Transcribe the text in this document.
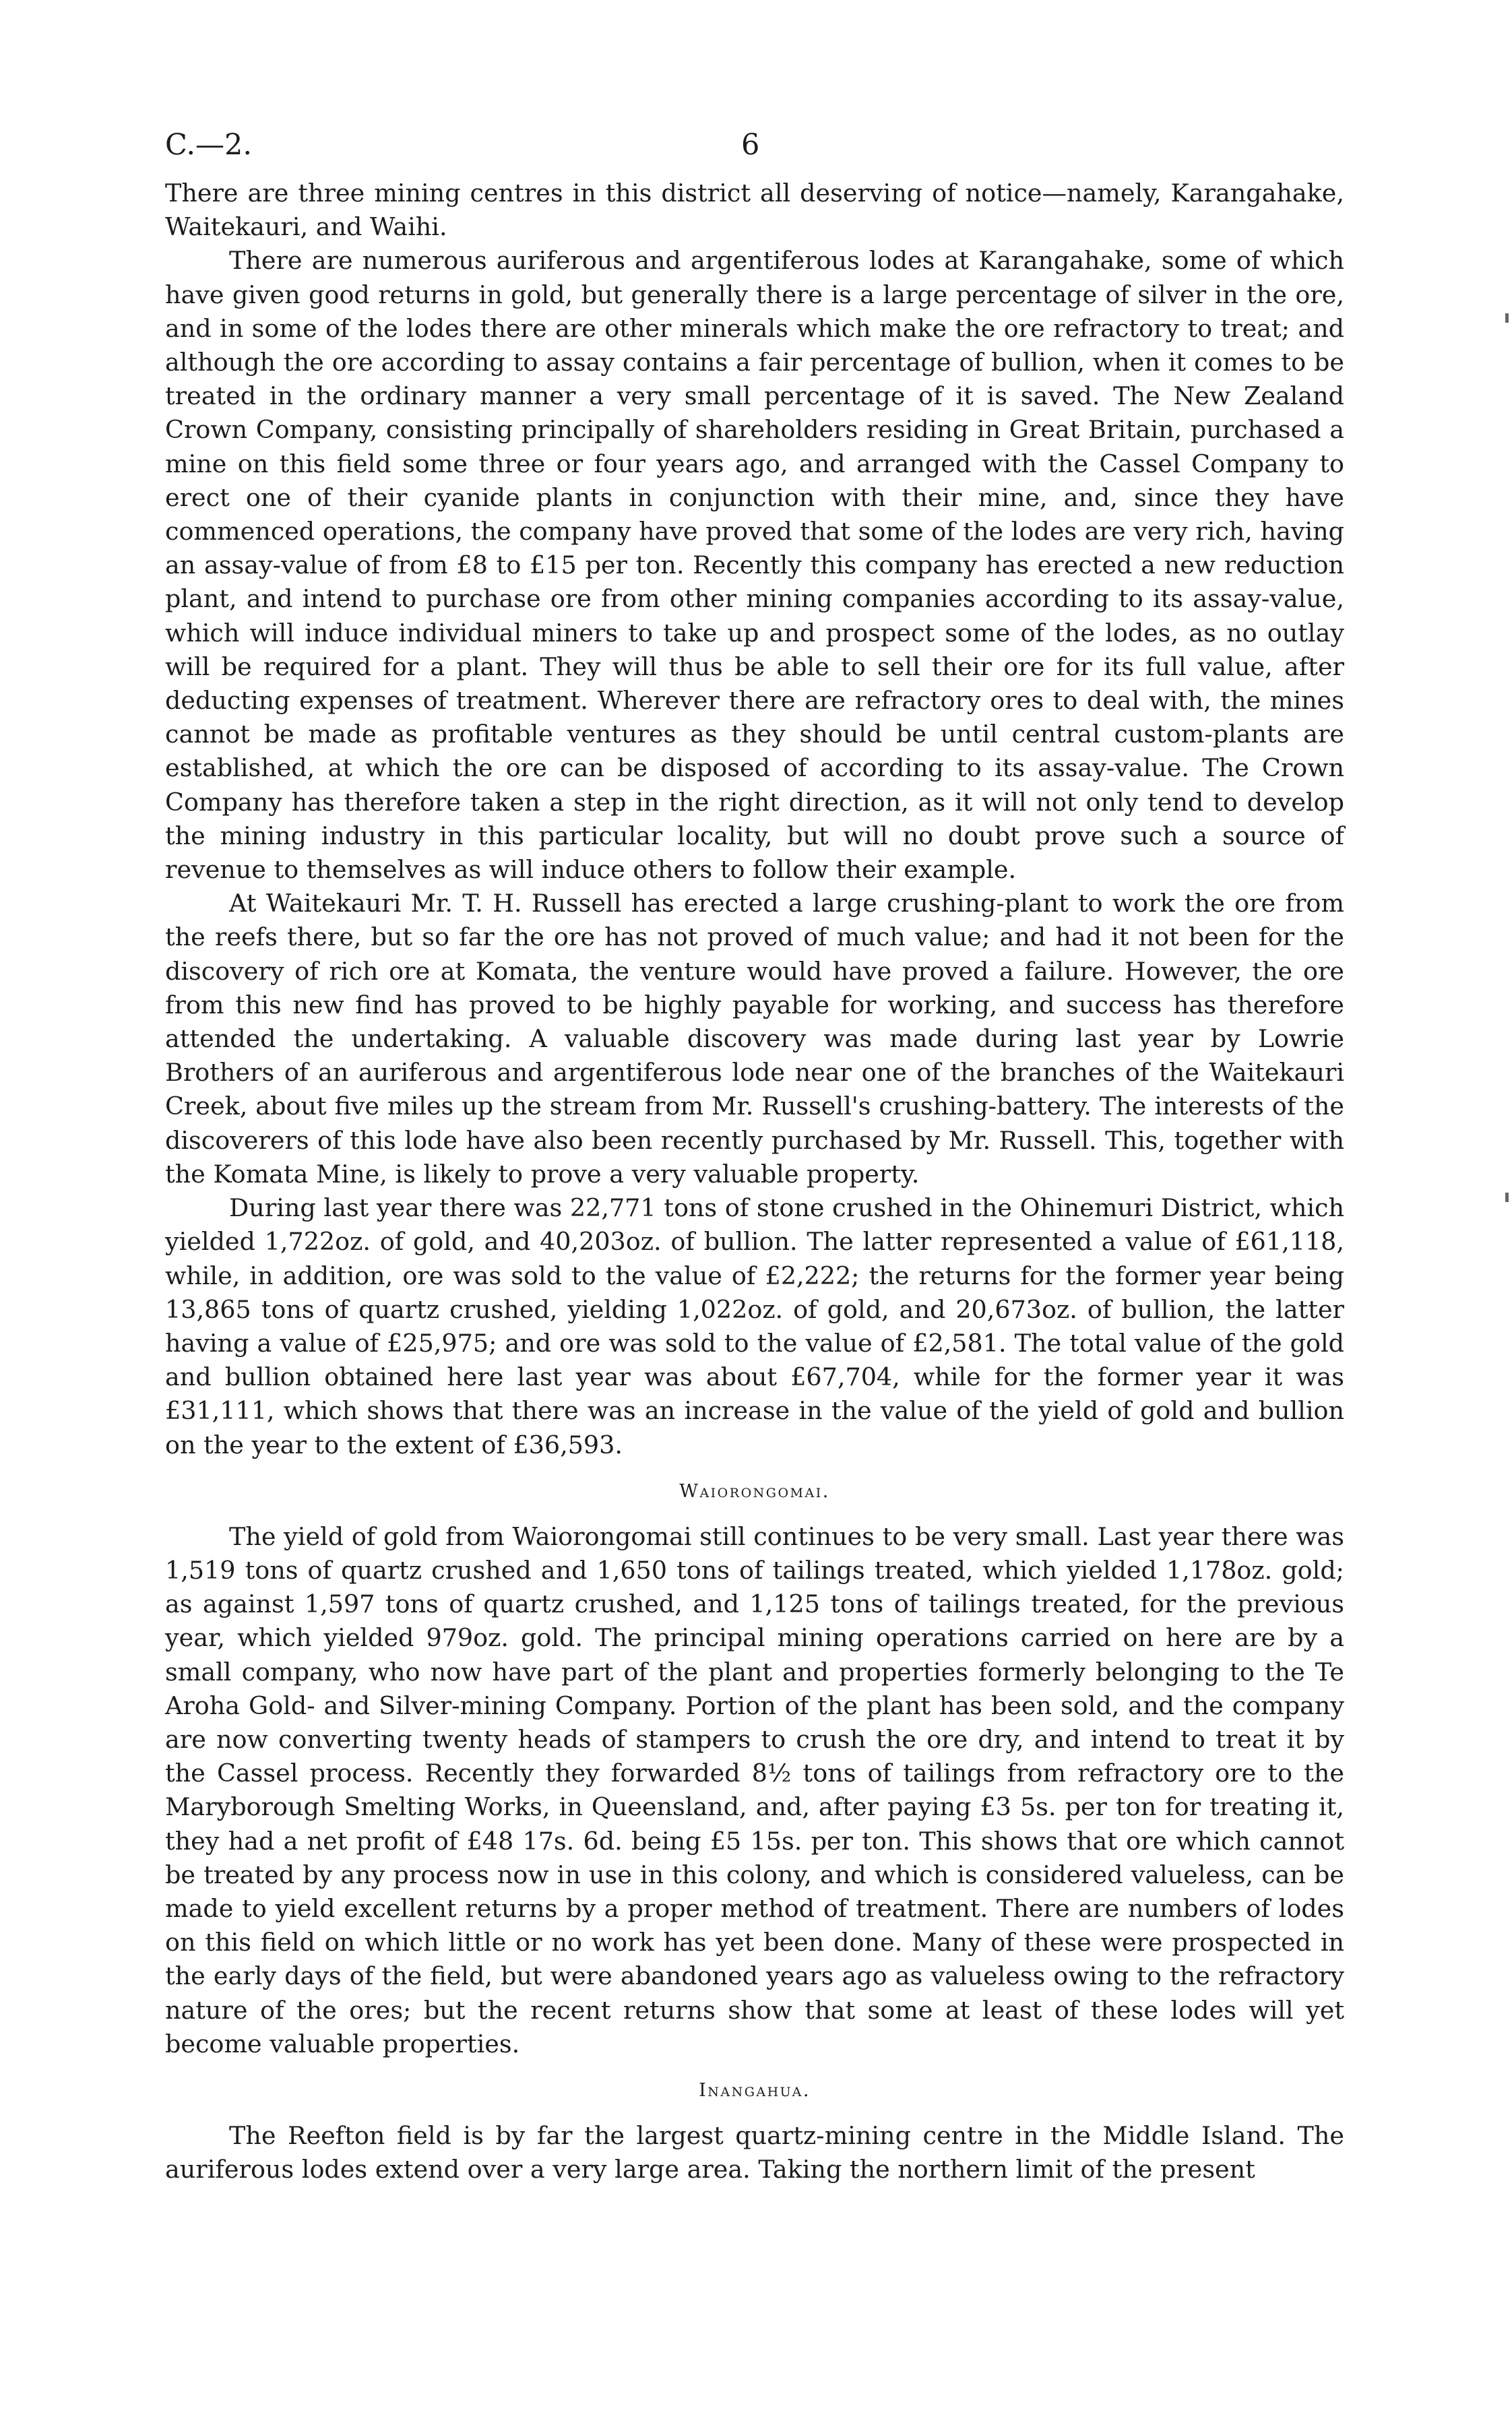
C.—2.	6

There are three mining centres in this district all deserving of notice—namely, Karangahake, Waitekauri, and Waihi.

There are numerous auriferous and argentiferous lodes at Karangahake, some of which have given good returns in gold, but generally there is a large percentage of silver in the ore, and in some of the lodes there are other minerals which make the ore refractory to treat; and although the ore according to assay contains a fair percentage of bullion, when it comes to be treated in the ordinary manner a very small percentage of it is saved. The New Zealand Crown Company, consisting principally of shareholders residing in Great Britain, purchased a mine on this field some three or four years ago, and arranged with the Cassel Company to erect one of their cyanide plants in conjunction with their mine, and, since they have commenced operations, the company have proved that some of the lodes are very rich, having an assay-value of from £8 to £15 per ton. Recently this company has erected a new reduction plant, and intend to purchase ore from other mining companies according to its assay-value, which will induce individual miners to take up and prospect some of the lodes, as no outlay will be required for a plant. They will thus be able to sell their ore for its full value, after deducting expenses of treatment. Wherever there are refractory ores to deal with, the mines cannot be made as profitable ventures as they should be until central custom-plants are established, at which the ore can be disposed of according to its assay-value. The Crown Company has therefore taken a step in the right direction, as it will not only tend to develop the mining industry in this particular locality, but will no doubt prove such a source of revenue to themselves as will induce others to follow their example.

At Waitekauri Mr. T. H. Russell has erected a large crushing-plant to work the ore from the reefs there, but so far the ore has not proved of much value; and had it not been for the discovery of rich ore at Komata, the venture would have proved a failure. However, the ore from this new find has proved to be highly payable for working, and success has therefore attended the undertaking. A valuable discovery was made during last year by Lowrie Brothers of an auriferous and argentiferous lode near one of the branches of the Waitekauri Creek, about five miles up the stream from Mr. Russell's crushing-battery. The interests of the discoverers of this lode have also been recently purchased by Mr. Russell. This, together with the Komata Mine, is likely to prove a very valuable property.

During last year there was 22,771 tons of stone crushed in the Ohinemuri District, which yielded 1,722oz. of gold, and 40,203oz. of bullion. The latter represented a value of £61,118, while, in addition, ore was sold to the value of £2,222; the returns for the former year being 13,865 tons of quartz crushed, yielding 1,022oz. of gold, and 20,673oz. of bullion, the latter having a value of £25,975; and ore was sold to the value of £2,581. The total value of the gold and bullion obtained here last year was about £67,704, while for the former year it was £31,111, which shows that there was an increase in the value of the yield of gold and bullion on the year to the extent of £36,593.

Waiorongomai.

The yield of gold from Waiorongomai still continues to be very small. Last year there was 1,519 tons of quartz crushed and 1,650 tons of tailings treated, which yielded 1,178oz. gold; as against 1,597 tons of quartz crushed, and 1,125 tons of tailings treated, for the previous year, which yielded 979oz. gold. The principal mining operations carried on here are by a small company, who now have part of the plant and properties formerly belonging to the Te Aroha Gold- and Silver-mining Company. Portion of the plant has been sold, and the company are now converting twenty heads of stampers to crush the ore dry, and intend to treat it by the Cassel process. Recently they forwarded 8½ tons of tailings from refractory ore to the Maryborough Smelting Works, in Queensland, and, after paying £3 5s. per ton for treating it, they had a net profit of £48 17s. 6d. being £5 15s. per ton. This shows that ore which cannot be treated by any process now in use in this colony, and which is considered valueless, can be made to yield excellent returns by a proper method of treatment. There are numbers of lodes on this field on which little or no work has yet been done. Many of these were prospected in the early days of the field, but were abandoned years ago as valueless owing to the refractory nature of the ores; but the recent returns show that some at least of these lodes will yet become valuable properties.

Inangahua.

The Reefton field is by far the largest quartz-mining centre in the Middle Island. The auriferous lodes extend over a very large area. Taking the northern limit of the present
